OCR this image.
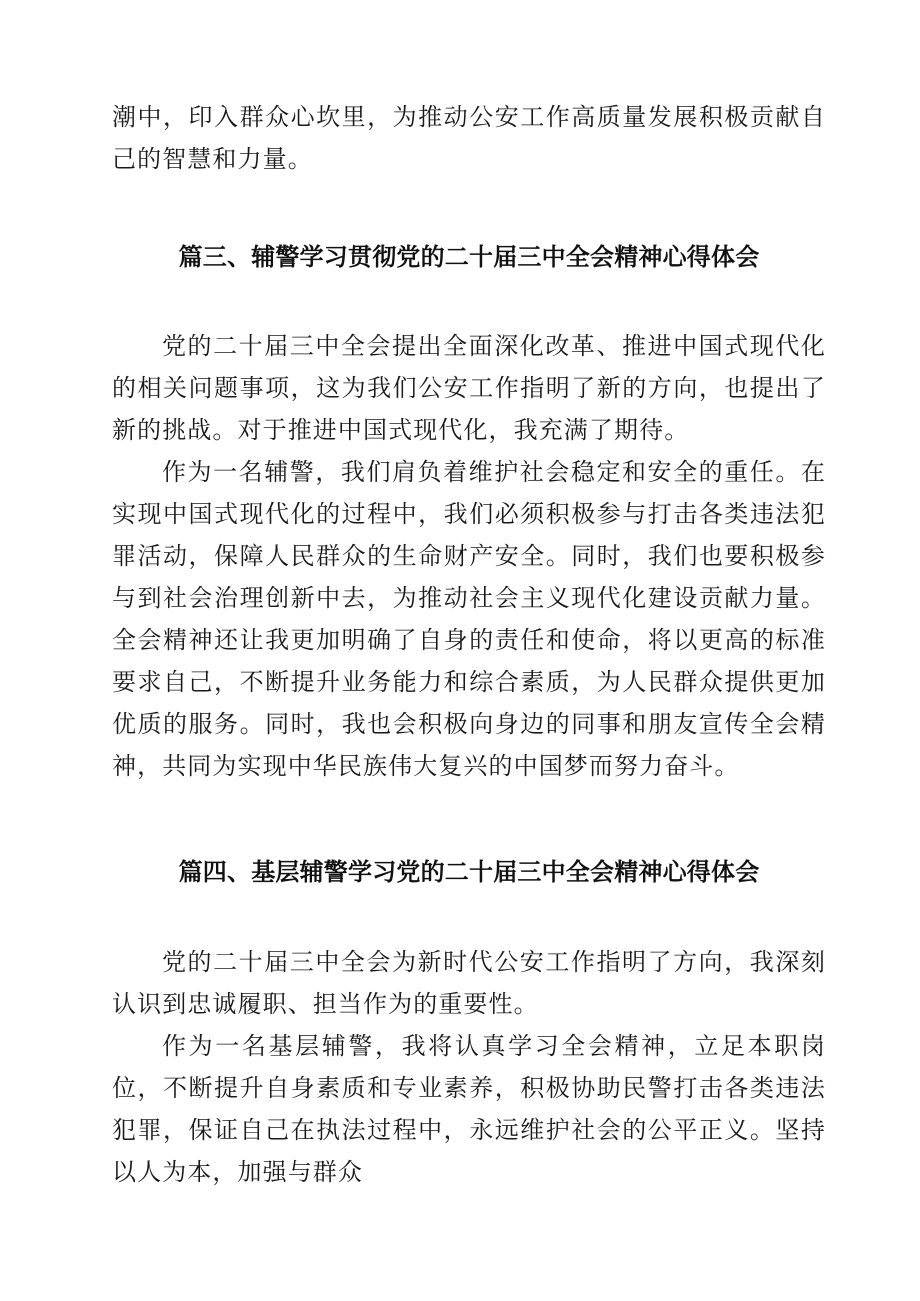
潮中，印入群众心坎里，为推动公安工作高质量发展积极贡献自己的智慧和力量。

篇三、辅警学习贯彻党的二十届三中全会精神心得体会

党的二十届三中全会提出全面深化改革、推进中国式现代化的相关问题事项，这为我们公安工作指明了新的方向，也提出了新的挑战。对于推进中国式现代化，我充满了期待。

作为一名辅警，我们肩负着维护社会稳定和安全的重任。在实现中国式现代化的过程中，我们必须积极参与打击各类违法犯罪活动，保障人民群众的生命财产安全。同时，我们也要积极参与到社会治理创新中去，为推动社会主义现代化建设贡献力量。全会精神还让我更加明确了自身的责任和使命，将以更高的标准要求自己，不断提升业务能力和综合素质，为人民群众提供更加优质的服务。同时，我也会积极向身边的同事和朋友宣传全会精神，共同为实现中华民族伟大复兴的中国梦而努力奋斗。

篇四、基层辅警学习党的二十届三中全会精神心得体会

党的二十届三中全会为新时代公安工作指明了方向，我深刻认识到忠诚履职、担当作为的重要性。

作为一名基层辅警，我将认真学习全会精神，立足本职岗位，不断提升自身素质和专业素养，积极协助民警打击各类违法犯罪，保证自己在执法过程中，永远维护社会的公平正义。坚持以人为本，加强与群众
